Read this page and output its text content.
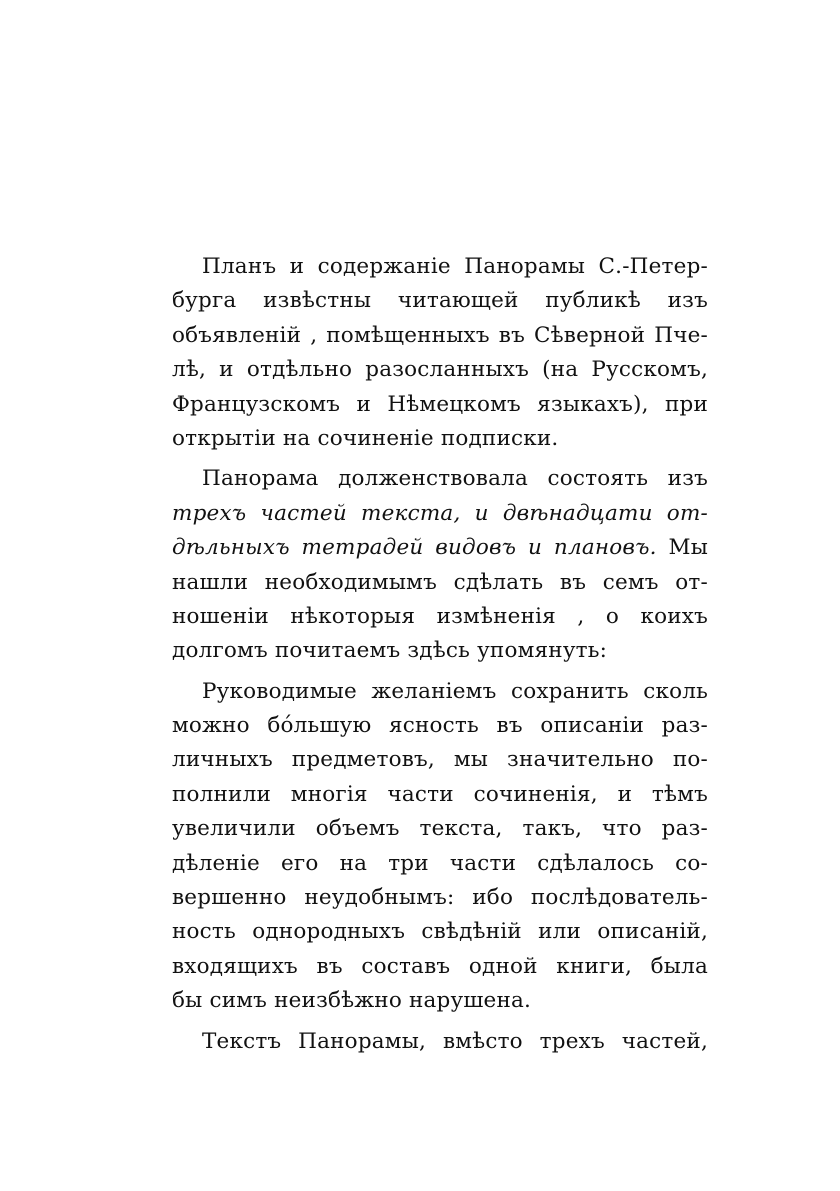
Планъ и содержаніе Панорамы С.-Петер-
бурга извѣстны читающей публикѣ изъ
объявленій , помѣщенныхъ въ Сѣверной Пче-
лѣ, и отдѣльно разосланныхъ (на Русскомъ,
Французскомъ и Нѣмецкомъ языкахъ), при
открытіи на сочиненіе подписки.
Панорама долженствовала состоять изъ
трехъ частей текста, и двѣнадцати от-
дѣльныхъ тетрадей видовъ и плановъ. Мы
нашли необходимымъ сдѣлать въ семъ от-
ношеніи нѣкоторыя измѣненія , о коихъ
долгомъ почитаемъ здѣсь упомянуть:
Руководимые желаніемъ сохранить сколь
можно бо́льшую ясность въ описаніи раз-
личныхъ предметовъ, мы значительно по-
полнили многія части сочиненія, и тѣмъ
увеличили объемъ текста, такъ, что раз-
дѣленіе его на три части сдѣлалось со-
вершенно неудобнымъ: ибо послѣдователь-
ность однородныхъ свѣдѣній или описаній,
входящихъ въ составъ одной книги, была
бы симъ неизбѣжно нарушена.
Текстъ Панорамы, вмѣсто трехъ частей,
